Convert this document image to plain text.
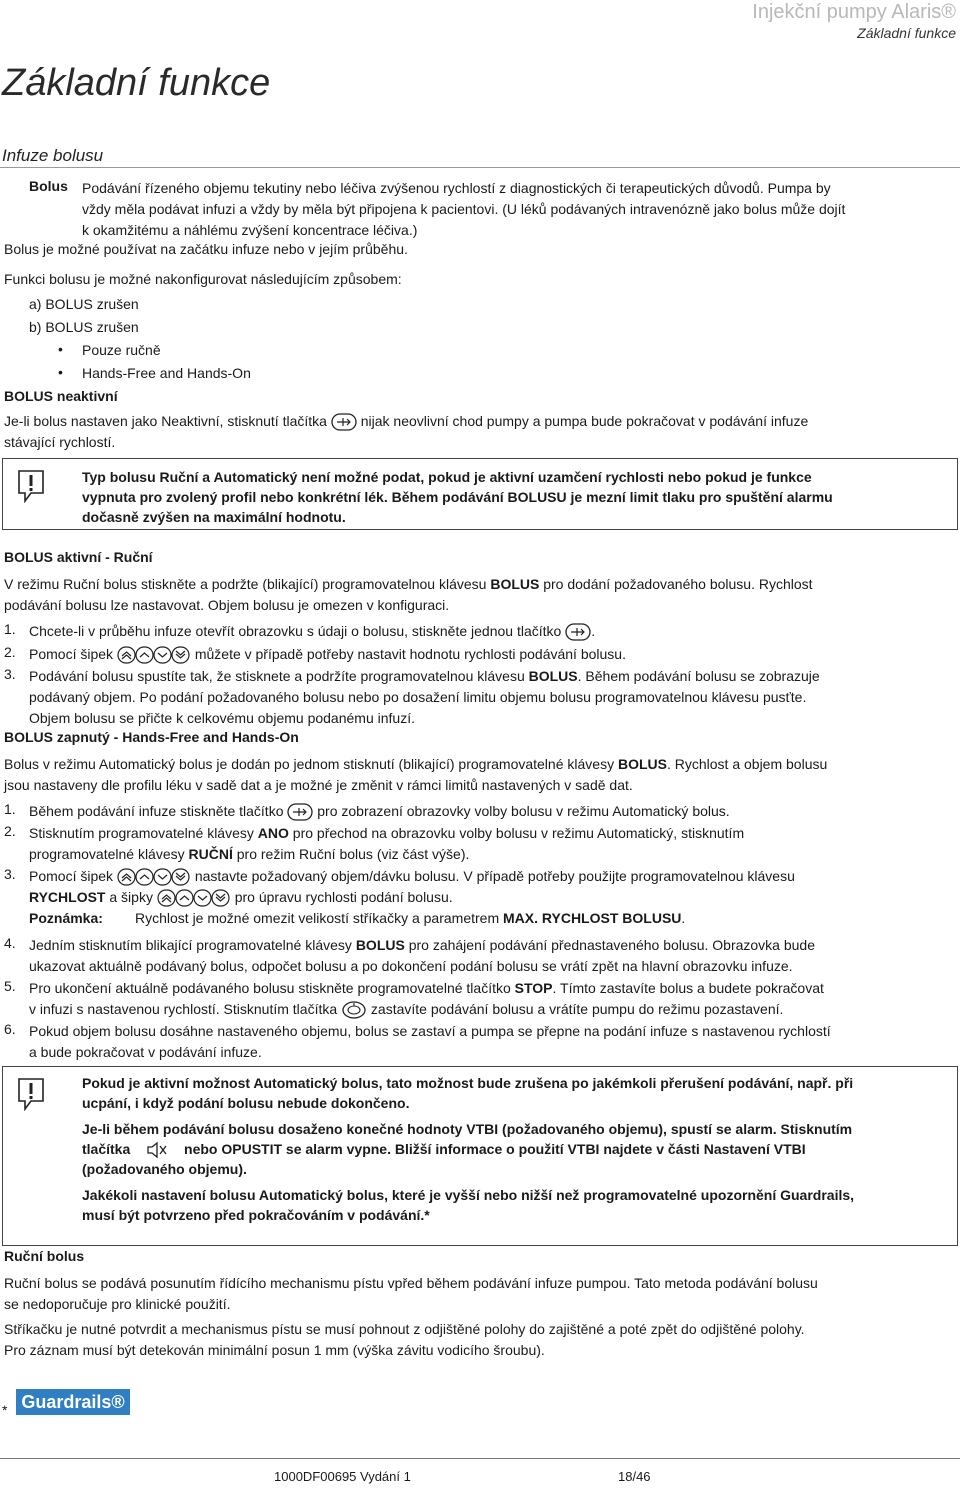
Injekční pumpy Alaris®
Základní funkce
Základní funkce
Infuze bolusu
Bolus Podávání řízeného objemu tekutiny nebo léčiva zvýšenou rychlostí z diagnostických či terapeutických důvodů. Pumpa by
vždy měla podávat infuzi a vždy by měla být připojena k pacientovi. (U léků podávaných intravenózně jako bolus může dojít
k okamžitému a náhlému zvýšení koncentrace léčiva.)
Bolus je možné používat na začátku infuze nebo v jejím průběhu.
Funkci bolusu je možné nakonfigurovat následujícím způsobem:
a) BOLUS zrušen
b) BOLUS zrušen
• Pouze ručně
• Hands-Free and Hands-On
BOLUS neaktivní
Je-li bolus nastaven jako Neaktivní, stisknutí tlačítka nijak neovlivní chod pumpy a pumpa bude pokračovat v podávání infuze
stávající rychlostí.
Typ bolusu Ruční a Automatický není možné podat, pokud je aktivní uzamčení rychlosti nebo pokud je funkce
vypnuta pro zvolený profil nebo konkrétní lék. Během podávání BOLUSU je mezní limit tlaku pro spuštění alarmu
dočasně zvýšen na maximální hodnotu.
BOLUS aktivní - Ruční
V režimu Ruční bolus stiskněte a podržte (blikající) programovatelnou klávesu BOLUS pro dodání požadovaného bolusu. Rychlost
podávání bolusu lze nastavovat. Objem bolusu je omezen v konfiguraci.
1. Chcete-li v průběhu infuze otevřít obrazovku s údaji o bolusu, stiskněte jednou tlačítko .
2. Pomocí šipek	můžete v případě potřeby nastavit hodnotu rychlosti podávání bolusu.
3. Podávání bolusu spustíte tak, že stisknete a podržíte programovatelnou klávesu BOLUS. Během podávání bolusu se zobrazuje
podávaný objem. Po podání požadovaného bolusu nebo po dosažení limitu objemu bolusu programovatelnou klávesu pusťte.
Objem bolusu se přičte k celkovému objemu podanému infuzí.
BOLUS zapnutý - Hands-Free and Hands-On
Bolus v režimu Automatický bolus je dodán po jednom stisknutí (blikající) programovatelné klávesy BOLUS. Rychlost a objem bolusu
jsou nastaveny dle profilu léku v sadě dat a je možné je změnit v rámci limitů nastavených v sadě dat.
1. Během podávání infuze stiskněte tlačítko pro zobrazení obrazovky volby bolusu v režimu Automatický bolus.
2. Stisknutím programovatelné klávesy ANO pro přechod na obrazovku volby bolusu v režimu Automatický, stisknutím
programovatelné klávesy RUČNÍ pro režim Ruční bolus (viz část výše).
3. Pomocí šipek	nastavte požadovaný objem/dávku bolusu. V případě potřeby použijte programovatelnou klávesu
RYCHLOST a šipky	pro úpravu rychlosti podání bolusu.
Poznámka: Rychlost je možné omezit velikostí stříkačky a parametrem MAX. RYCHLOST BOLUSU.
4. Jedním stisknutím blikající programovatelné klávesy BOLUS pro zahájení podávání přednastaveného bolusu. Obrazovka bude
ukazovat aktuálně podávaný bolus, odpočet bolusu a po dokončení podání bolusu se vrátí zpět na hlavní obrazovku infuze.
5. Pro ukončení aktuálně podávaného bolusu stiskněte programovatelné tlačítko STOP. Tímto zastavíte bolus a budete pokračovat
v infuzi s nastavenou rychlostí. Stisknutím tlačítka zastavíte podávání bolusu a vrátíte pumpu do režimu pozastavení.
6. Pokud objem bolusu dosáhne nastaveného objemu, bolus se zastaví a pumpa se přepne na podání infuze s nastavenou rychlostí
a bude pokračovat v podávání infuze.
Pokud je aktivní možnost Automatický bolus, tato možnost bude zrušena po jakémkoli přerušení podávání, např. při
ucpání, i když podání bolusu nebude dokončeno.
Je-li během podávání bolusu dosaženo konečné hodnoty VTBI (požadovaného objemu), spustí se alarm. Stisknutím
tlačítka	nebo OPUSTIT se alarm vypne. Bližší informace o použití VTBI najdete v části Nastavení VTBI
(požadovaného objemu).
Jakékoli nastavení bolusu Automatický bolus, které je vyšší nebo nižší než programovatelné upozornění Guardrails,
musí být potvrzeno před pokračováním v podávání.*
Ruční bolus
Ruční bolus se podává posunutím řídícího mechanismu pístu vpřed během podávání infuze pumpou. Tato metoda podávání bolusu
se nedoporučuje pro klinické použití.
Stříkačku je nutné potvrdit a mechanismus pístu se musí pohnout z odjištěné polohy do zajištěné a poté zpět do odjištěné polohy.
Pro záznam musí být detekován minimální posun 1 mm (výška závitu vodicího šroubu).
* Guardrails®
1000DF00695 Vydání 1	18/46
